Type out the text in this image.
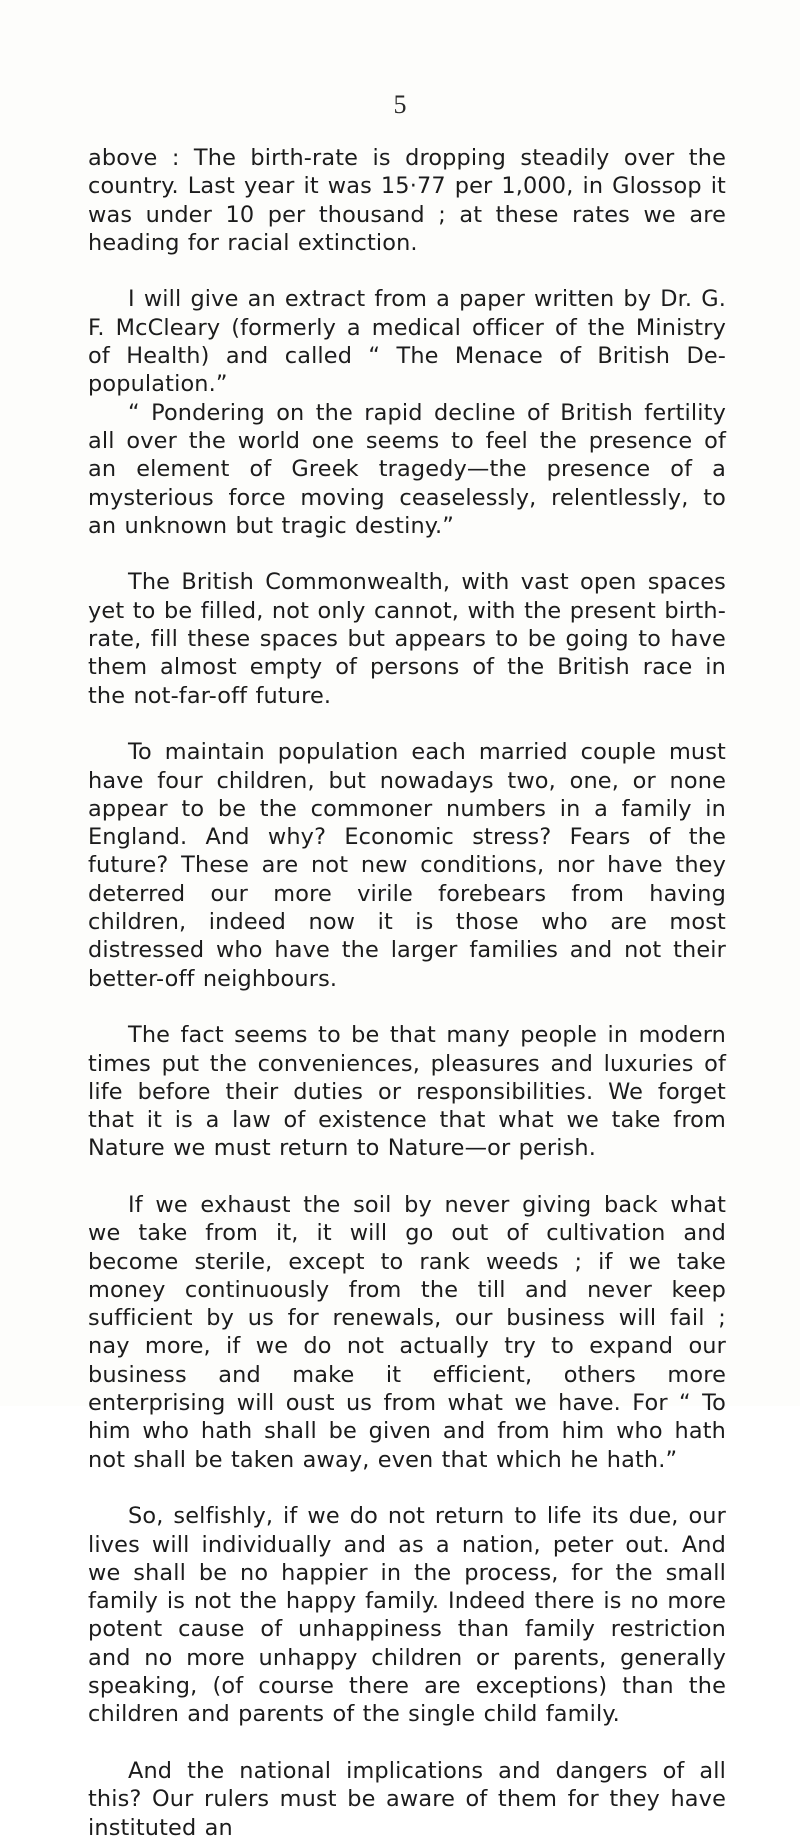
5

above : The birth-rate is dropping steadily over the country. Last year it was 15·77 per 1,000, in Glossop it was under 10 per thousand ; at these rates we are heading for racial extinction.

I will give an extract from a paper written by Dr. G. F. McCleary (formerly a medical officer of the Ministry of Health) and called “ The Menace of British De-population.”

“ Pondering on the rapid decline of British fertility all over the world one seems to feel the presence of an element of Greek tragedy—the presence of a mysterious force moving ceaselessly, relentlessly, to an unknown but tragic destiny.”

The British Commonwealth, with vast open spaces yet to be filled, not only cannot, with the present birth-rate, fill these spaces but appears to be going to have them almost empty of persons of the British race in the not-far-off future.

To maintain population each married couple must have four children, but nowadays two, one, or none appear to be the commoner numbers in a family in England. And why? Economic stress? Fears of the future? These are not new conditions, nor have they deterred our more virile forebears from having children, indeed now it is those who are most distressed who have the larger families and not their better-off neighbours.

The fact seems to be that many people in modern times put the conveniences, pleasures and luxuries of life before their duties or responsibilities. We forget that it is a law of existence that what we take from Nature we must return to Nature—or perish.

If we exhaust the soil by never giving back what we take from it, it will go out of cultivation and become sterile, except to rank weeds ; if we take money continuously from the till and never keep sufficient by us for renewals, our business will fail ; nay more, if we do not actually try to expand our business and make it efficient, others more enterprising will oust us from what we have. For “ To him who hath shall be given and from him who hath not shall be taken away, even that which he hath.”

So, selfishly, if we do not return to life its due, our lives will individually and as a nation, peter out. And we shall be no happier in the process, for the small family is not the happy family. Indeed there is no more potent cause of unhappiness than family restriction and no more unhappy children or parents, generally speaking, (of course there are exceptions) than the children and parents of the single child family.

And the national implications and dangers of all this? Our rulers must be aware of them for they have instituted an
